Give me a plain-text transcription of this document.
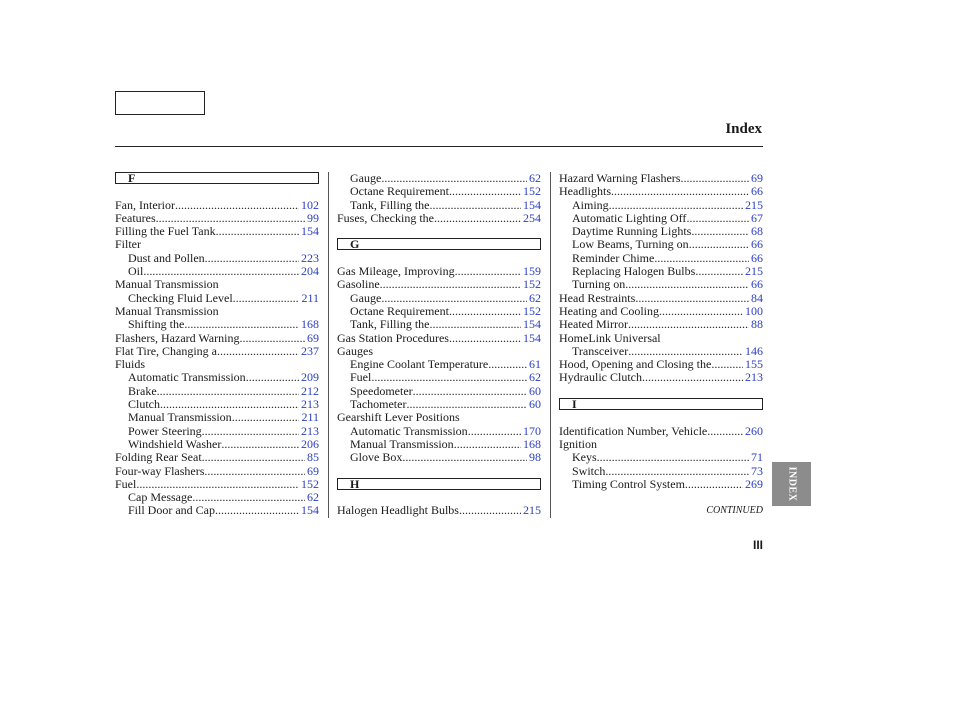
Index
F
Fan, Interior .....	102
Features .....	99
Filling the Fuel Tank .....	154
Filter
Dust and Pollen .....	223
Oil .....	204
Manual Transmission
Checking Fluid Level .....	211
Manual Transmission
Shifting the .....	168
Flashers, Hazard Warning .....	69
Flat Tire, Changing a .....	237
Fluids
Automatic Transmission .....	209
Brake .....	212
Clutch .....	213
Manual Transmission .....	211
Power Steering .....	213
Windshield Washer .....	206
Folding Rear Seat .....	85
Four-way Flashers .....	69
Fuel .....	152
Cap Message .....	62
Fill Door and Cap .....	154
Gauge .....	62
Octane Requirement .....	152
Tank, Filling the .....	154
Fuses, Checking the .....	254
G
Gas Mileage, Improving .....	159
Gasoline .....	152
Gauge .....	62
Octane Requirement .....	152
Tank, Filling the .....	154
Gas Station Procedures .....	154
Gauges
Engine Coolant Temperature .....	61
Fuel .....	62
Speedometer .....	60
Tachometer .....	60
Gearshift Lever Positions
Automatic Transmission .....	170
Manual Transmission .....	168
Glove Box .....	98
H
Halogen Headlight Bulbs .....	215
Hazard Warning Flashers .....	69
Headlights .....	66
Aiming .....	215
Automatic Lighting Off .....	67
Daytime Running Lights .....	68
Low Beams, Turning on .....	66
Reminder Chime .....	66
Replacing Halogen Bulbs .....	215
Turning on .....	66
Head Restraints .....	84
Heating and Cooling .....	100
Heated Mirror .....	88
HomeLink Universal
Transceiver .....	146
Hood, Opening and Closing the .....	155
Hydraulic Clutch .....	213
I
Identification Number, Vehicle .....	260
Ignition
Keys .....	71
Switch .....	73
Timing Control System .....	269 INDEX
CONTINUED
III
